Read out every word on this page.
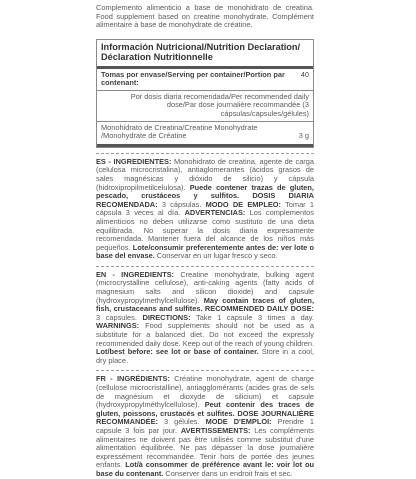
Complemento alimenticio a base de monohidrato de creatina. Food supplement based on creatine monohydrate. Complément alimentaire à base de monohydrate de créatine.

Información Nutricional/Nutrition Declaration/ Déclaration Nutritionnelle
Tomas por envase/Serving per container/Portion par contenant:
40
Por dosis diaria recomendada/Per recommended daily dose/Par dose journalière recommandée (3 cápsulas/capsules/gélules)
Monohidrato de Creatina/Creatine Monohydrate /Monohydrate de Créatine	3 g

ES - INGREDIENTES: Monohidrato de creatina, agente de carga (celulosa microcristalina), antiaglomerantes (ácidos grasos de sales magnésicas y dióxido de silicio) y cápsula (hidroxipropilmetilcelulosa). Puede contener trazas de gluten, pescado, crustáceos y sulfitos. DOSIS DIARIA RECOMENDADA: 3 cápsulas. MODO DE EMPLEO: Tomar 1 cápsula 3 veces al día. ADVERTENCIAS: Los complementos alimenticios no deben utilizarse como sustituto de una dieta equilibrada. No superar la dosis diaria expresamente recomendada. Mantener fuera del alcance de los niños más pequeños. Lote/consumir preferentemente antes de: ver lote o base del envase. Conservar en un lugar fresco y seco.

EN - INGREDIENTS: Creatine monohydrate, bulking agent (microcrystalline cellulose), anti-caking agents (fatty acids of magnesium salts and silicon dioxide) and capsule (hydroxypropylmethylcellulose). May contain traces of gluten, fish, crustaceans and sulfites. RECOMMENDED DAILY DOSE: 3 capsules. DIRECTIONS: Take 1 capsule 3 times a day. WARNINGS: Food supplements should not be used as a substitute for a balanced diet. Do not exceed the expressly recommended daily dose. Keep out of the reach of young children. Lot/best before: see lot or base of container. Store in a cool, dry place.

FR - INGRÉDIENTS: Créatine monohydrate, agent de charge (cellulose microcristalline), antiagglomérants (acides gras de sels de magnésium et dioxyde de silicium) et capsule (hydroxypropylméthylcellulose). Peut contenir des traces de gluten, poissons, crustacés et sulfites. DOSE JOURNALIÈRE RECOMMANDÉE: 3 gélules. MODE D'EMPLOI: Prendre 1 capsule 3 fois par jour. AVERTISSEMENTS: Les compléments alimentaires ne doivent pas être utilisés comme substitut d'une alimentation équilibrée. Ne pas dépasser la dose journalière expressément recommandée. Tenir hors de portée des jeunes enfants. Lot/à consommer de préférence avant le: voir lot ou base du contenant. Conserver dans un endroit frais et sec.
